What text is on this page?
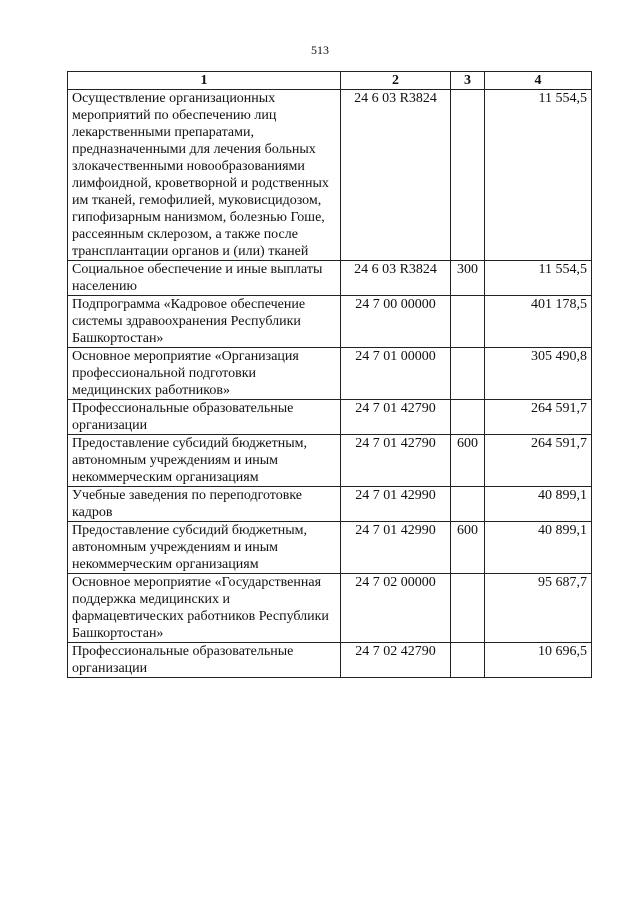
513
1	2	3	4
Осуществление организационных мероприятий по обеспечению лиц лекарственными препаратами, предназначенными для лечения больных злокачественными новообразованиями лимфоидной, кроветворной и родственных им тканей, гемофилией, муковисцидозом, гипофизарным нанизмом, болезнью Гоше, рассеянным склерозом, а также после трансплантации органов и (или) тканей	24 6 03 R3824		11 554,5
Социальное обеспечение и иные выплаты населению	24 6 03 R3824	300	11 554,5
Подпрограмма «Кадровое обеспечение системы здравоохранения Республики Башкортостан»	24 7 00 00000		401 178,5
Основное мероприятие «Организация профессиональной подготовки медицинских работников»	24 7 01 00000		305 490,8
Профессиональные образовательные организации	24 7 01 42790		264 591,7
Предоставление субсидий бюджетным, автономным учреждениям и иным некоммерческим организациям	24 7 01 42790	600	264 591,7
Учебные заведения по переподготовке кадров	24 7 01 42990		40 899,1
Предоставление субсидий бюджетным, автономным учреждениям и иным некоммерческим организациям	24 7 01 42990	600	40 899,1
Основное мероприятие «Государственная поддержка медицинских и фармацевтических работников Республики Башкортостан»	24 7 02 00000		95 687,7
Профессиональные образовательные организации	24 7 02 42790		10 696,5
